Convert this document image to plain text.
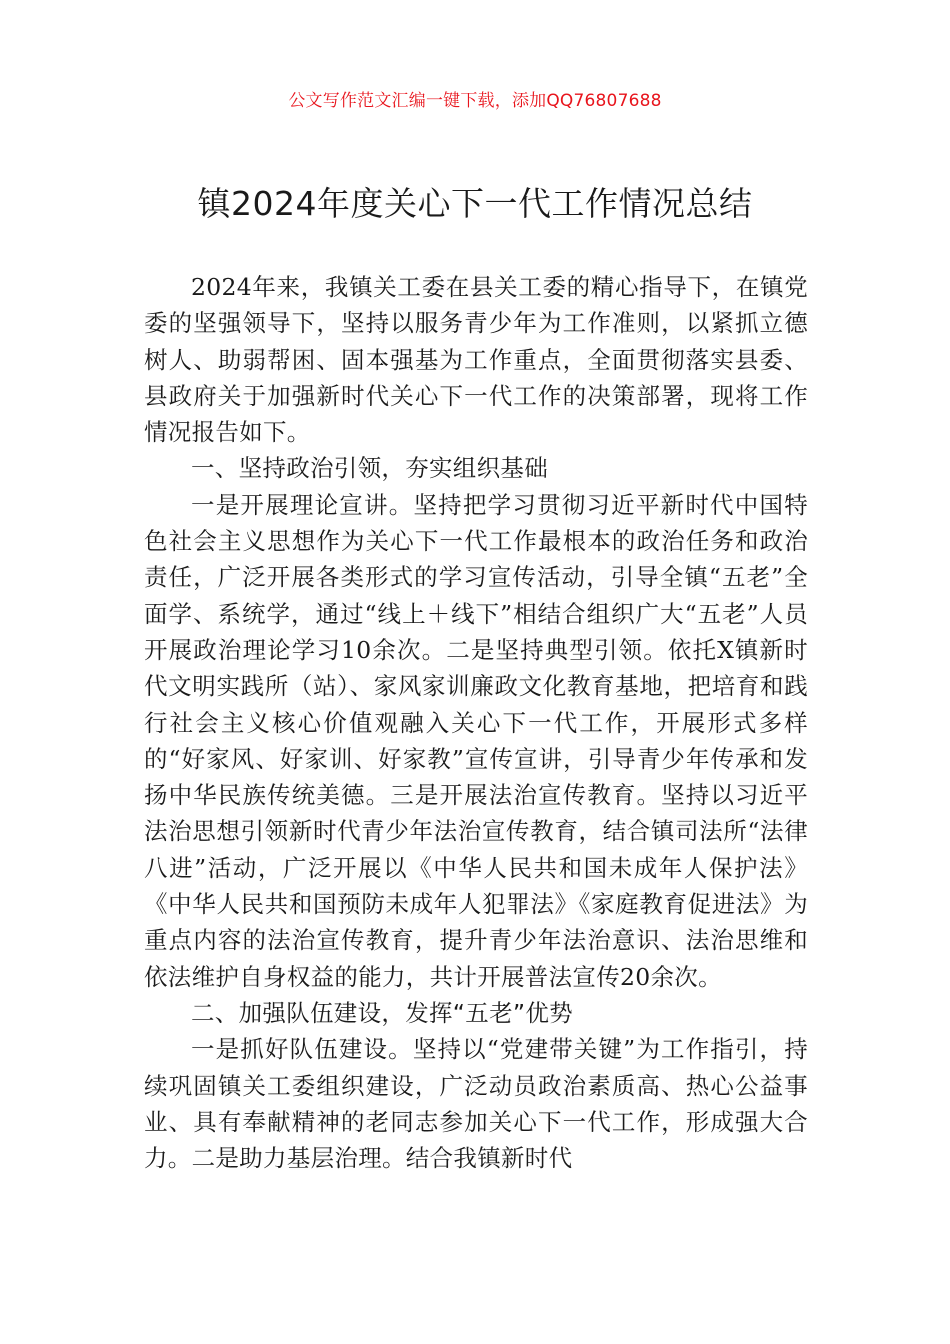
公文写作范文汇编一键下载，添加QQ76807688
镇2024年度关心下一代工作情况总结

2024年来，我镇关工委在县关工委的精心指导下，在镇党委的坚强领导下，坚持以服务青少年为工作准则，以紧抓立德树人、助弱帮困、固本强基为工作重点，全面贯彻落实县委、县政府关于加强新时代关心下一代工作的决策部署，现将工作情况报告如下。

一、坚持政治引领，夯实组织基础

一是开展理论宣讲。坚持把学习贯彻习近平新时代中国特色社会主义思想作为关心下一代工作最根本的政治任务和政治责任，广泛开展各类形式的学习宣传活动，引导全镇“五老”全面学、系统学，通过“线上＋线下”相结合组织广大“五老”人员开展政治理论学习10余次。二是坚持典型引领。依托X镇新时代文明实践所（站）、家风家训廉政文化教育基地，把培育和践行社会主义核心价值观融入关心下一代工作，开展形式多样的“好家风、好家训、好家教”宣传宣讲，引导青少年传承和发扬中华民族传统美德。三是开展法治宣传教育。坚持以习近平法治思想引领新时代青少年法治宣传教育，结合镇司法所“法律八进”活动，广泛开展以《中华人民共和国未成年人保护法》《中华人民共和国预防未成年人犯罪法》《家庭教育促进法》为重点内容的法治宣传教育，提升青少年法治意识、法治思维和依法维护自身权益的能力，共计开展普法宣传20余次。

二、加强队伍建设，发挥“五老”优势

一是抓好队伍建设。坚持以“党建带关键”为工作指引，持续巩固镇关工委组织建设，广泛动员政治素质高、热心公益事业、具有奉献精神的老同志参加关心下一代工作，形成强大合力。二是助力基层治理。结合我镇新时代
